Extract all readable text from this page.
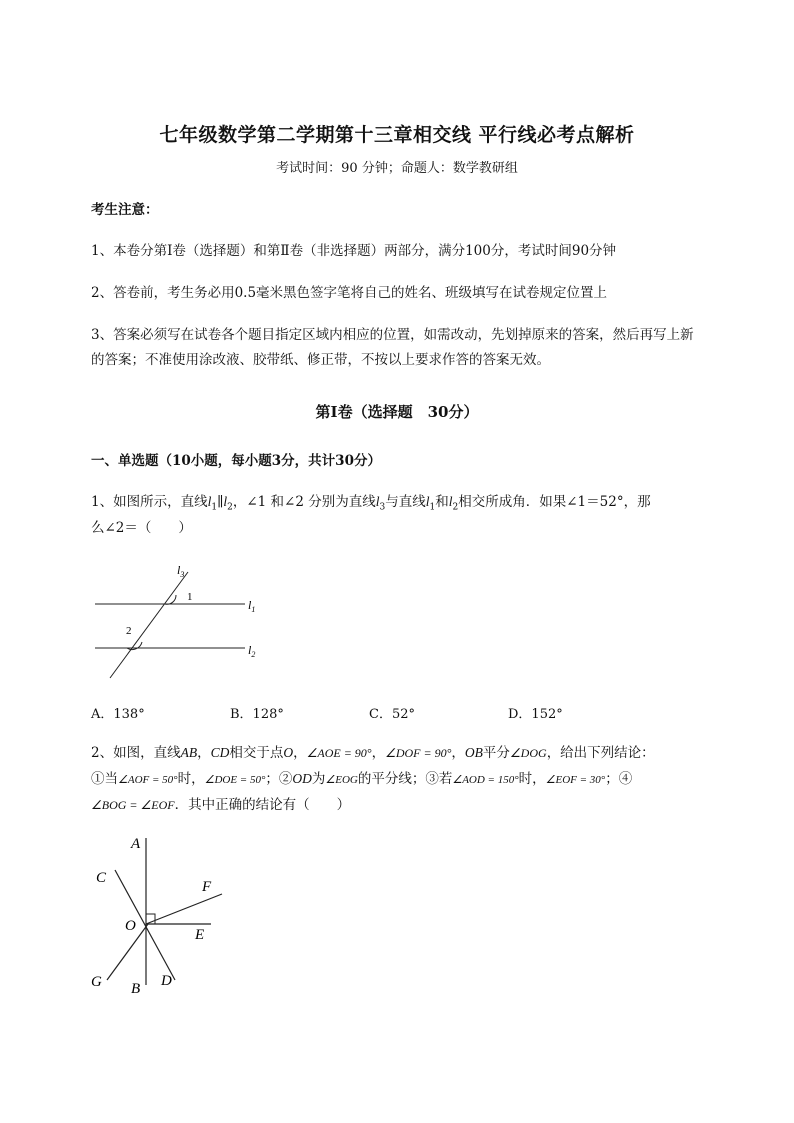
七年级数学第二学期第十三章相交线 平行线必考点解析
考试时间：90 分钟；命题人：数学教研组
考生注意：
1、本卷分第Ⅰ卷（选择题）和第Ⅱ卷（非选择题）两部分，满分100分，考试时间90分钟
2、答卷前，考生务必用0.5毫米黑色签字笔将自己的姓名、班级填写在试卷规定位置上
3、答案必须写在试卷各个题目指定区域内相应的位置，如需改动，先划掉原来的答案，然后再写上新
的答案；不准使用涂改液、胶带纸、修正带，不按以上要求作答的答案无效。
第Ⅰ卷（选择题　30分）
一、单选题（10小题，每小题3分，共计30分）
1、如图所示，直线$l_1\parallel l_2$，∠1 和∠2 分别为直线$l_3$与直线$l_1$和$l_2$相交所成角．如果∠1＝52°，那
么∠2＝（　　）
$l_3$
$l_1$
$l_2$
1
2
A．138°	B．128°	C．52°	D．152°
2、如图，直线AB，CD相交于点O，∠AOE = 90°，∠DOF = 90°，OB平分∠DOG，给出下列结论：
①当∠AOF = 50°时，∠DOE = 50°；②OD为∠EOG的平分线；③若∠AOD = 150°时，∠EOF = 30°；④
∠BOG = ∠EOF．其中正确的结论有（　　）
A
B
C
D
E
F
G
O
